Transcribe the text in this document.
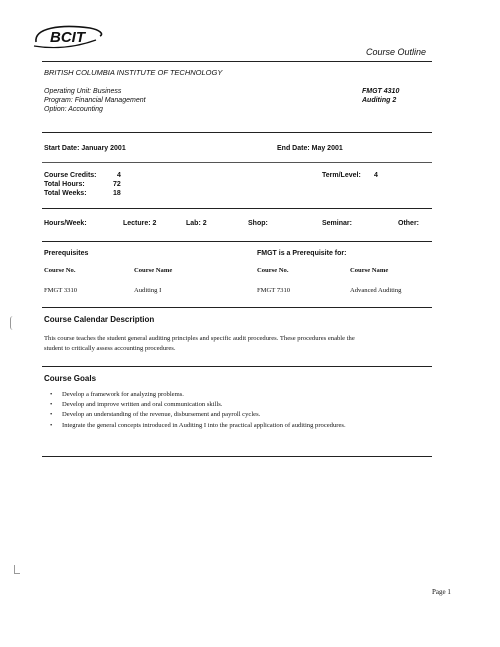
BCIT
Course Outline
BRITISH COLUMBIA INSTITUTE OF TECHNOLOGY
Operating Unit: Business
Program: Financial Management
Option: Accounting
FMGT 4310
Auditing 2
Start Date: January 2001	End Date: May 2001
Course Credits:	4
Total Hours:	72
Total Weeks:	18
Term/Level: 4
Hours/Week:	Lecture: 2	Lab: 2	Shop:	Seminar:	Other:
Prerequisites
Course No.	Course Name
FMGT 3310	Auditing I
FMGT is a Prerequisite for:
Course No.	Course Name
FMGT 7310	Advanced Auditing
Course Calendar Description
This course teaches the student general auditing principles and specific audit procedures. These procedures enable the
student to critically assess accounting procedures.
Course Goals
• Develop a framework for analyzing problems.
• Develop and improve written and oral communication skills.
• Develop an understanding of the revenue, disbursement and payroll cycles.
• Integrate the general concepts introduced in Auditing I into the practical application of auditing procedures.
Page 1
